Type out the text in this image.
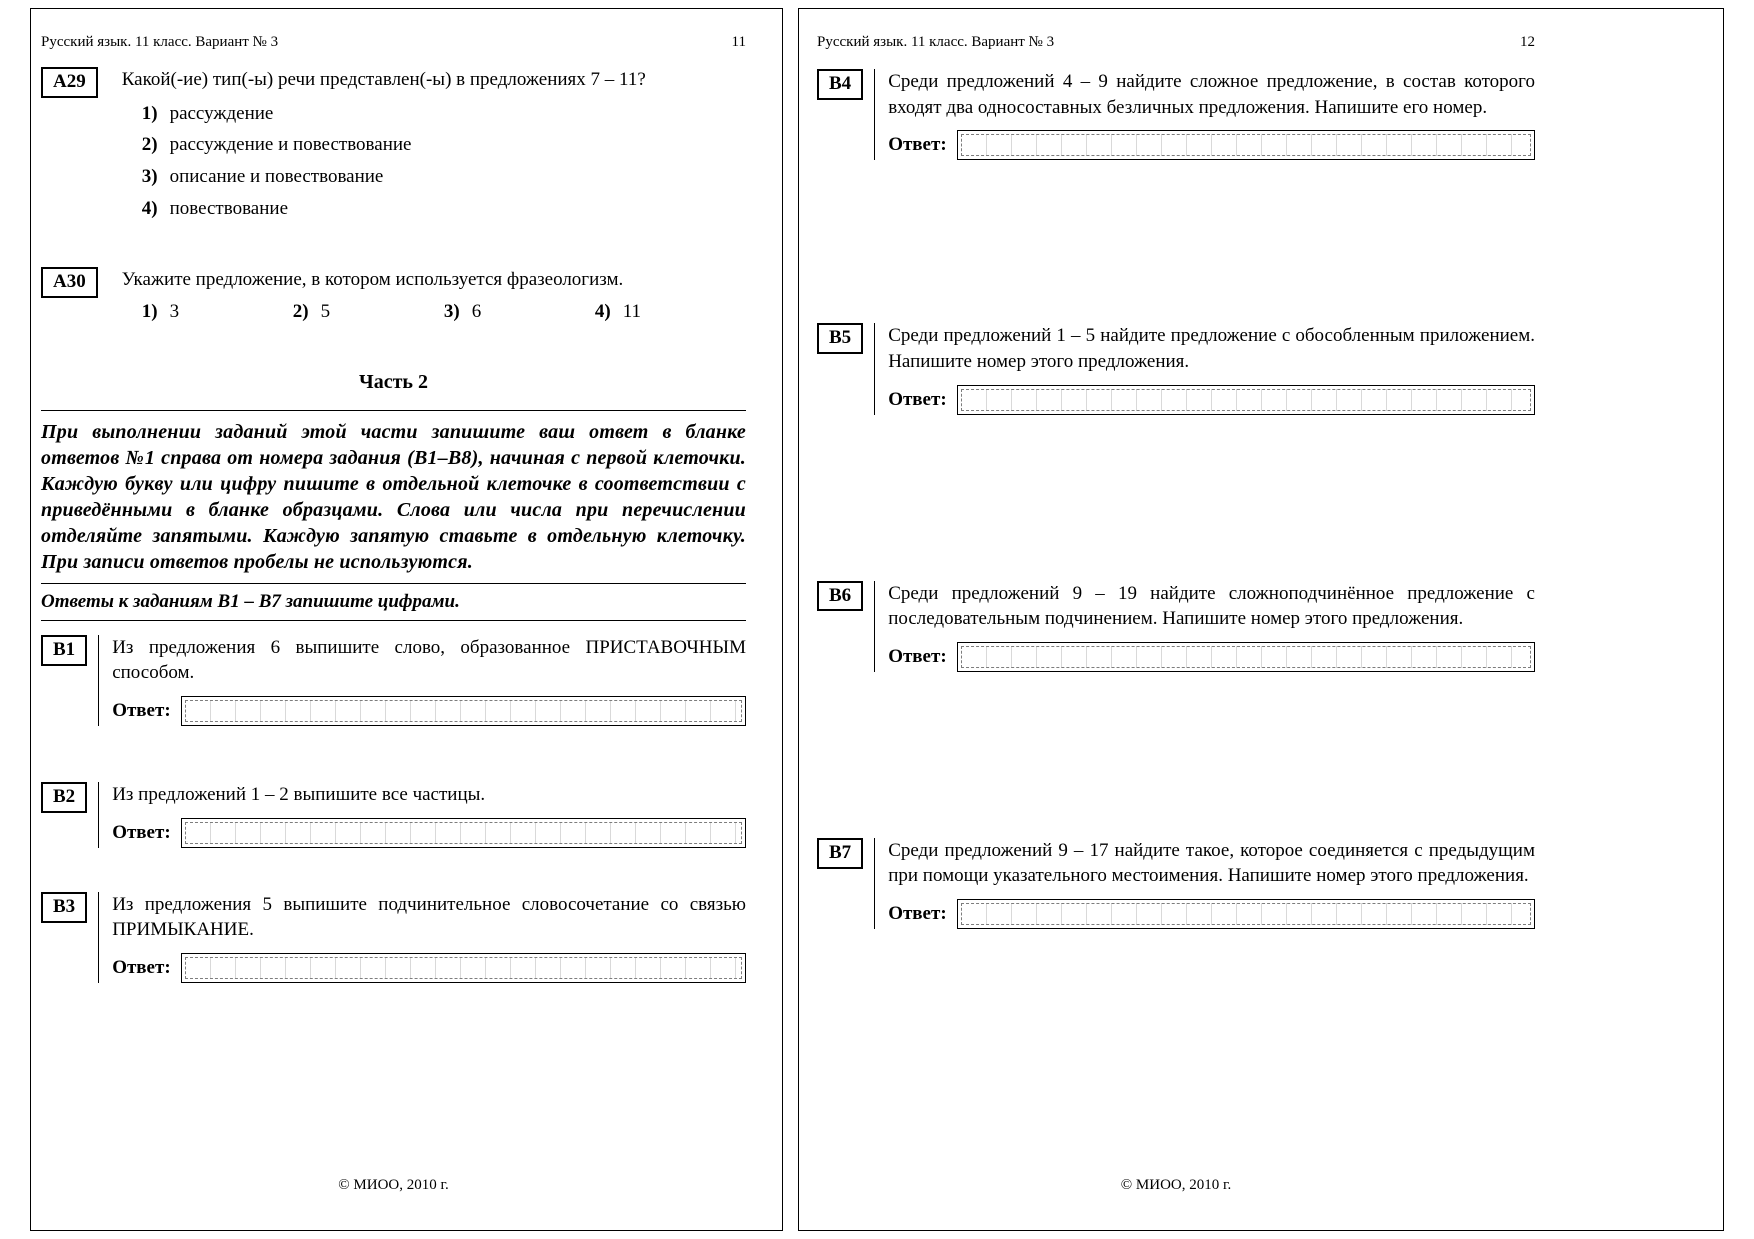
Русский язык. 11 класс. Вариант № 3	11
А29	Какой(-ие) тип(-ы) речи представлен(-ы) в предложениях 7 – 11?

1) рассуждение
2) рассуждение и повествование
3) описание и повествование
4) повествование
А30	Укажите предложение, в котором используется фразеологизм.

1) 3	2) 5	3) 6	4) 11
Часть 2

При выполнении заданий этой части запишите ваш ответ в бланке ответов №1 справа от номера задания (В1–В8), начиная с первой клеточки. Каждую букву или цифру пишите в отдельной клеточке в соответствии с приведёнными в бланке образцами. Слова или числа при перечислении отделяйте запятыми. Каждую запятую ставьте в отдельную клеточку. При записи ответов пробелы не используются.

Ответы к заданиям В1 – В7 запишите цифрами.

В1	Из предложения 6 выпишите слово, образованное ПРИСТАВОЧНЫМ способом.

Ответ:
В2	Из предложений 1 – 2 выпишите все частицы.

Ответ:
В3	Из предложения 5 выпишите подчинительное словосочетание со связью ПРИМЫКАНИЕ.

Ответ:
© МИОО, 2010 г.
Русский язык. 11 класс. Вариант № 3	12
В4	Среди предложений 4 – 9 найдите сложное предложение, в состав которого входят два односоставных безличных предложения. Напишите его номер.

Ответ:
В5	Среди предложений 1 – 5 найдите предложение с обособленным приложением. Напишите номер этого предложения.

Ответ:
В6	Среди предложений 9 – 19 найдите сложноподчинённое предложение с последовательным подчинением. Напишите номер этого предложения.

Ответ:
В7	Среди предложений 9 – 17 найдите такое, которое соединяется с предыдущим при помощи указательного местоимения. Напишите номер этого предложения.

Ответ:
© МИОО, 2010 г.
